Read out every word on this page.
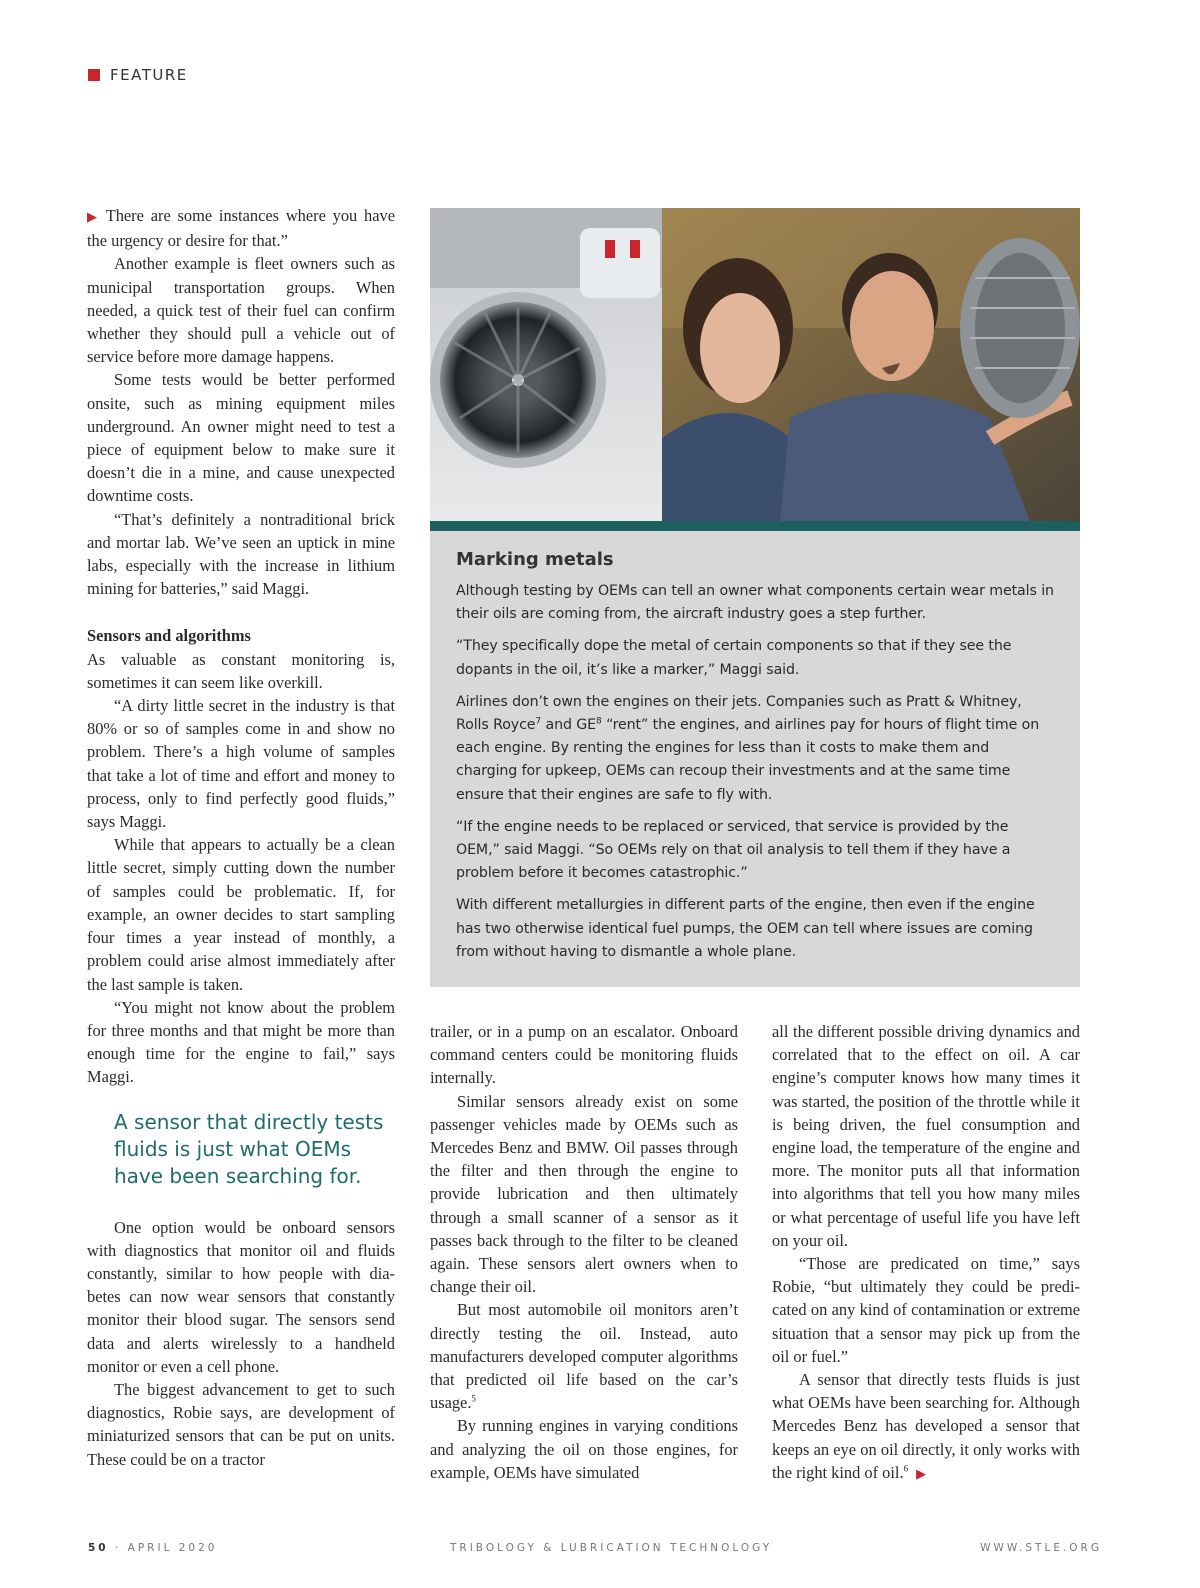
FEATURE

▶ There are some instances where you have the urgency or desire for that.”

Another example is fleet owners such as municipal transportation groups. When needed, a quick test of their fuel can confirm whether they should pull a vehicle out of service before more damage happens.

Some tests would be better performed onsite, such as mining equipment miles underground. An owner might need to test a piece of equipment below to make sure it doesn’t die in a mine, and cause unexpected downtime costs.

“That’s definitely a nontraditional brick and mortar lab. We’ve seen an uptick in mine labs, especially with the increase in lithium mining for batteries,” said Maggi.

Sensors and algorithms

As valuable as constant monitoring is, sometimes it can seem like overkill.

“A dirty little secret in the industry is that 80% or so of samples come in and show no problem. There’s a high volume of samples that take a lot of time and effort and money to process, only to find perfectly good fluids,” says Maggi.

While that appears to actually be a clean little secret, simply cutting down the number of samples could be problematic. If, for example, an owner decides to start sampling four times a year instead of monthly, a problem could arise almost immediately after the last sample is taken.

“You might not know about the problem for three months and that might be more than enough time for the engine to fail,” says Maggi.

A sensor that directly tests fluids is just what OEMs have been searching for.

One option would be onboard sensors with diagnostics that monitor oil and fluids constantly, similar to how people with diabetes can now wear sensors that constantly monitor their blood sugar. The sensors send data and alerts wirelessly to a handheld monitor or even a cell phone.

The biggest advancement to get to such diagnostics, Robie says, are development of miniaturized sensors that can be put on units. These could be on a tractor

Marking metals

Although testing by OEMs can tell an owner what components certain wear metals in their oils are coming from, the aircraft industry goes a step further.

“They specifically dope the metal of certain components so that if they see the dopants in the oil, it’s like a marker,” Maggi said.

Airlines don’t own the engines on their jets. Companies such as Pratt & Whitney, Rolls Royce$^7$ and $GE^8$ “rent” the engines, and airlines pay for hours of flight time on each engine. By renting the engines for less than it costs to make them and charging for upkeep, OEMs can recoup their investments and at the same time ensure that their engines are safe to fly with.

“If the engine needs to be replaced or serviced, that service is provided by the OEM,” said Maggi. “So OEMs rely on that oil analysis to tell them if they have a problem before it becomes catastrophic.”

With different metallurgies in different parts of the engine, then even if the engine has two otherwise identical fuel pumps, the OEM can tell where issues are coming from without having to dismantle a whole plane.

trailer, or in a pump on an escalator. Onboard command centers could be monitoring fluids internally.

Similar sensors already exist on some passenger vehicles made by OEMs such as Mercedes Benz and BMW. Oil passes through the filter and then through the engine to provide lubrication and then ultimately through a small scanner of a sensor as it passes back through to the filter to be cleaned again. These sensors alert owners when to change their oil.

But most automobile oil monitors aren’t directly testing the oil. Instead, auto manufacturers developed computer algorithms that predicted oil life based on the car’s usage.$^5$

By running engines in varying conditions and analyzing the oil on those engines, for example, OEMs have simulated

all the different possible driving dynamics and correlated that to the effect on oil. A car engine’s computer knows how many times it was started, the position of the throttle while it is being driven, the fuel consumption and engine load, the temperature of the engine and more. The monitor puts all that information into algorithms that tell you how many miles or what percentage of useful life you have left on your oil.

“Those are predicated on time,” says Robie, “but ultimately they could be predicated on any kind of contamination or extreme situation that a sensor may pick up from the oil or fuel.”

A sensor that directly tests fluids is just what OEMs have been searching for. Although Mercedes Benz has developed a sensor that keeps an eye on oil directly, it only works with the right kind of oil.$^6$ ▶

50 · APRIL 2020	TRIBOLOGY & LUBRICATION TECHNOLOGY	WWW.STLE.ORG
